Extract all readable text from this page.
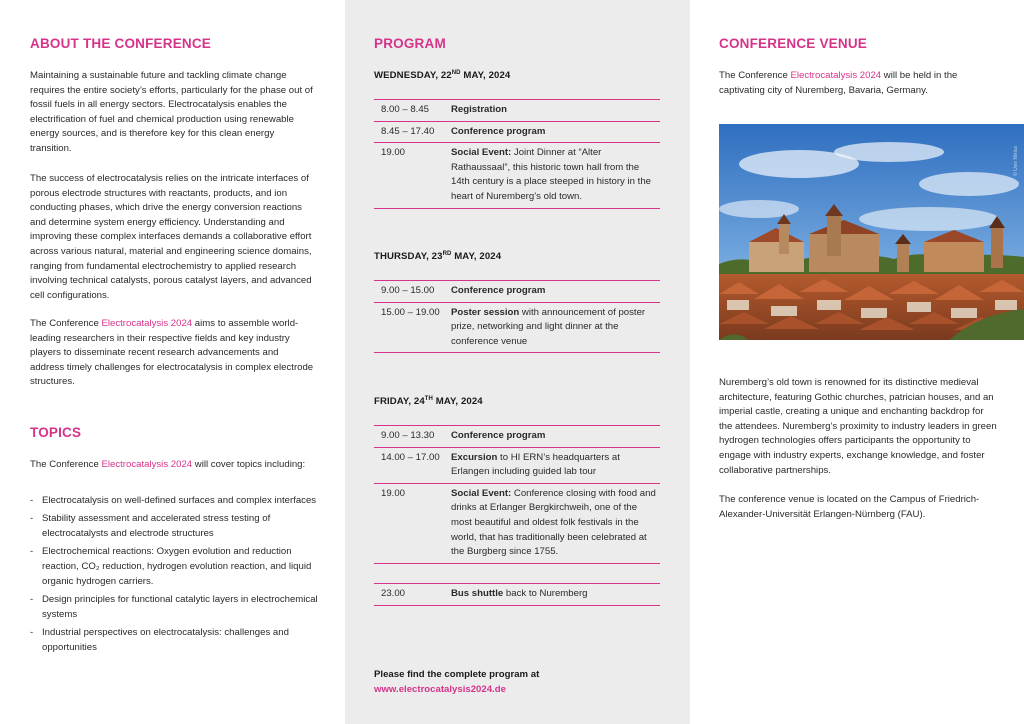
ABOUT THE CONFERENCE

Maintaining a sustainable future and tackling climate change requires the entire society’s efforts, particularly for the phase out of fossil fuels in all energy sectors. Electrocatalysis enables the electrification of fuel and chemical production using renewable energy sources, and is therefore key for this clean energy transition.

The success of electrocatalysis relies on the intricate interfaces of porous electrode structures with reactants, products, and ion conducting phases, which drive the energy conversion reactions and determine system energy efficiency. Understanding and improving these complex interfaces demands a collaborative effort across various natural, material and engineering science domains, ranging from fundamental electrochemistry to applied research involving technical catalysts, porous catalyst layers, and advanced cell configurations.

The Conference Electrocatalysis 2024 aims to assemble world-leading researchers in their respective fields and key industry players to disseminate recent research advancements and address timely challenges for electrocatalysis in complex electrode structures.

TOPICS

The Conference Electrocatalysis 2024 will cover topics including:

- Electrocatalysis on well-defined surfaces and complex interfaces
- Stability assessment and accelerated stress testing of electrocatalysts and electrode structures
- Electrochemical reactions: Oxygen evolution and reduction reaction, CO₂ reduction, hydrogen evolution reaction, and liquid organic hydrogen carriers.
- Design principles for functional catalytic layers in electrochemical systems
- Industrial perspectives on electrocatalysis: challenges and opportunities
PROGRAM
WEDNESDAY, 22ND MAY, 2024
8.00 – 8.45	Registration
8.45 – 17.40	Conference program
19.00	Social Event: Joint Dinner at “Alter Rathaussaal”, this historic town hall from the 14th century is a place steeped in history in the heart of Nuremberg’s old town.
THURSDAY, 23RD MAY, 2024
9.00 – 15.00	Conference program
15.00 – 19.00	Poster session with announcement of poster prize, networking and light dinner at the conference venue
FRIDAY, 24TH MAY, 2024
9.00 – 13.30	Conference program
14.00 – 17.00	Excursion to HI ERN’s headquarters at Erlangen including guided lab tour
19.00	Social Event: Conference closing with food and drinks at Erlanger Bergkirchweih, one of the most beautiful and oldest folk festivals in the world, that has traditionally been celebrated at the Burgberg since 1755.
23.00	Bus shuttle back to Nuremberg
Please find the complete program at
www.electrocatalysis2024.de
CONFERENCE VENUE

The Conference Electrocatalysis 2024 will be held in the captivating city of Nuremberg, Bavaria, Germany.

© Uwe Niklas

Nuremberg’s old town is renowned for its distinctive medieval architecture, featuring Gothic churches, patrician houses, and an imperial castle, creating a unique and enchanting backdrop for the attendees. Nuremberg’s proximity to industry leaders in green hydrogen technologies offers participants the opportunity to engage with industry experts, exchange knowledge, and foster collaborative partnerships.

The conference venue is located on the Campus of Friedrich-Alexander-Universität Erlangen-Nürnberg (FAU).
